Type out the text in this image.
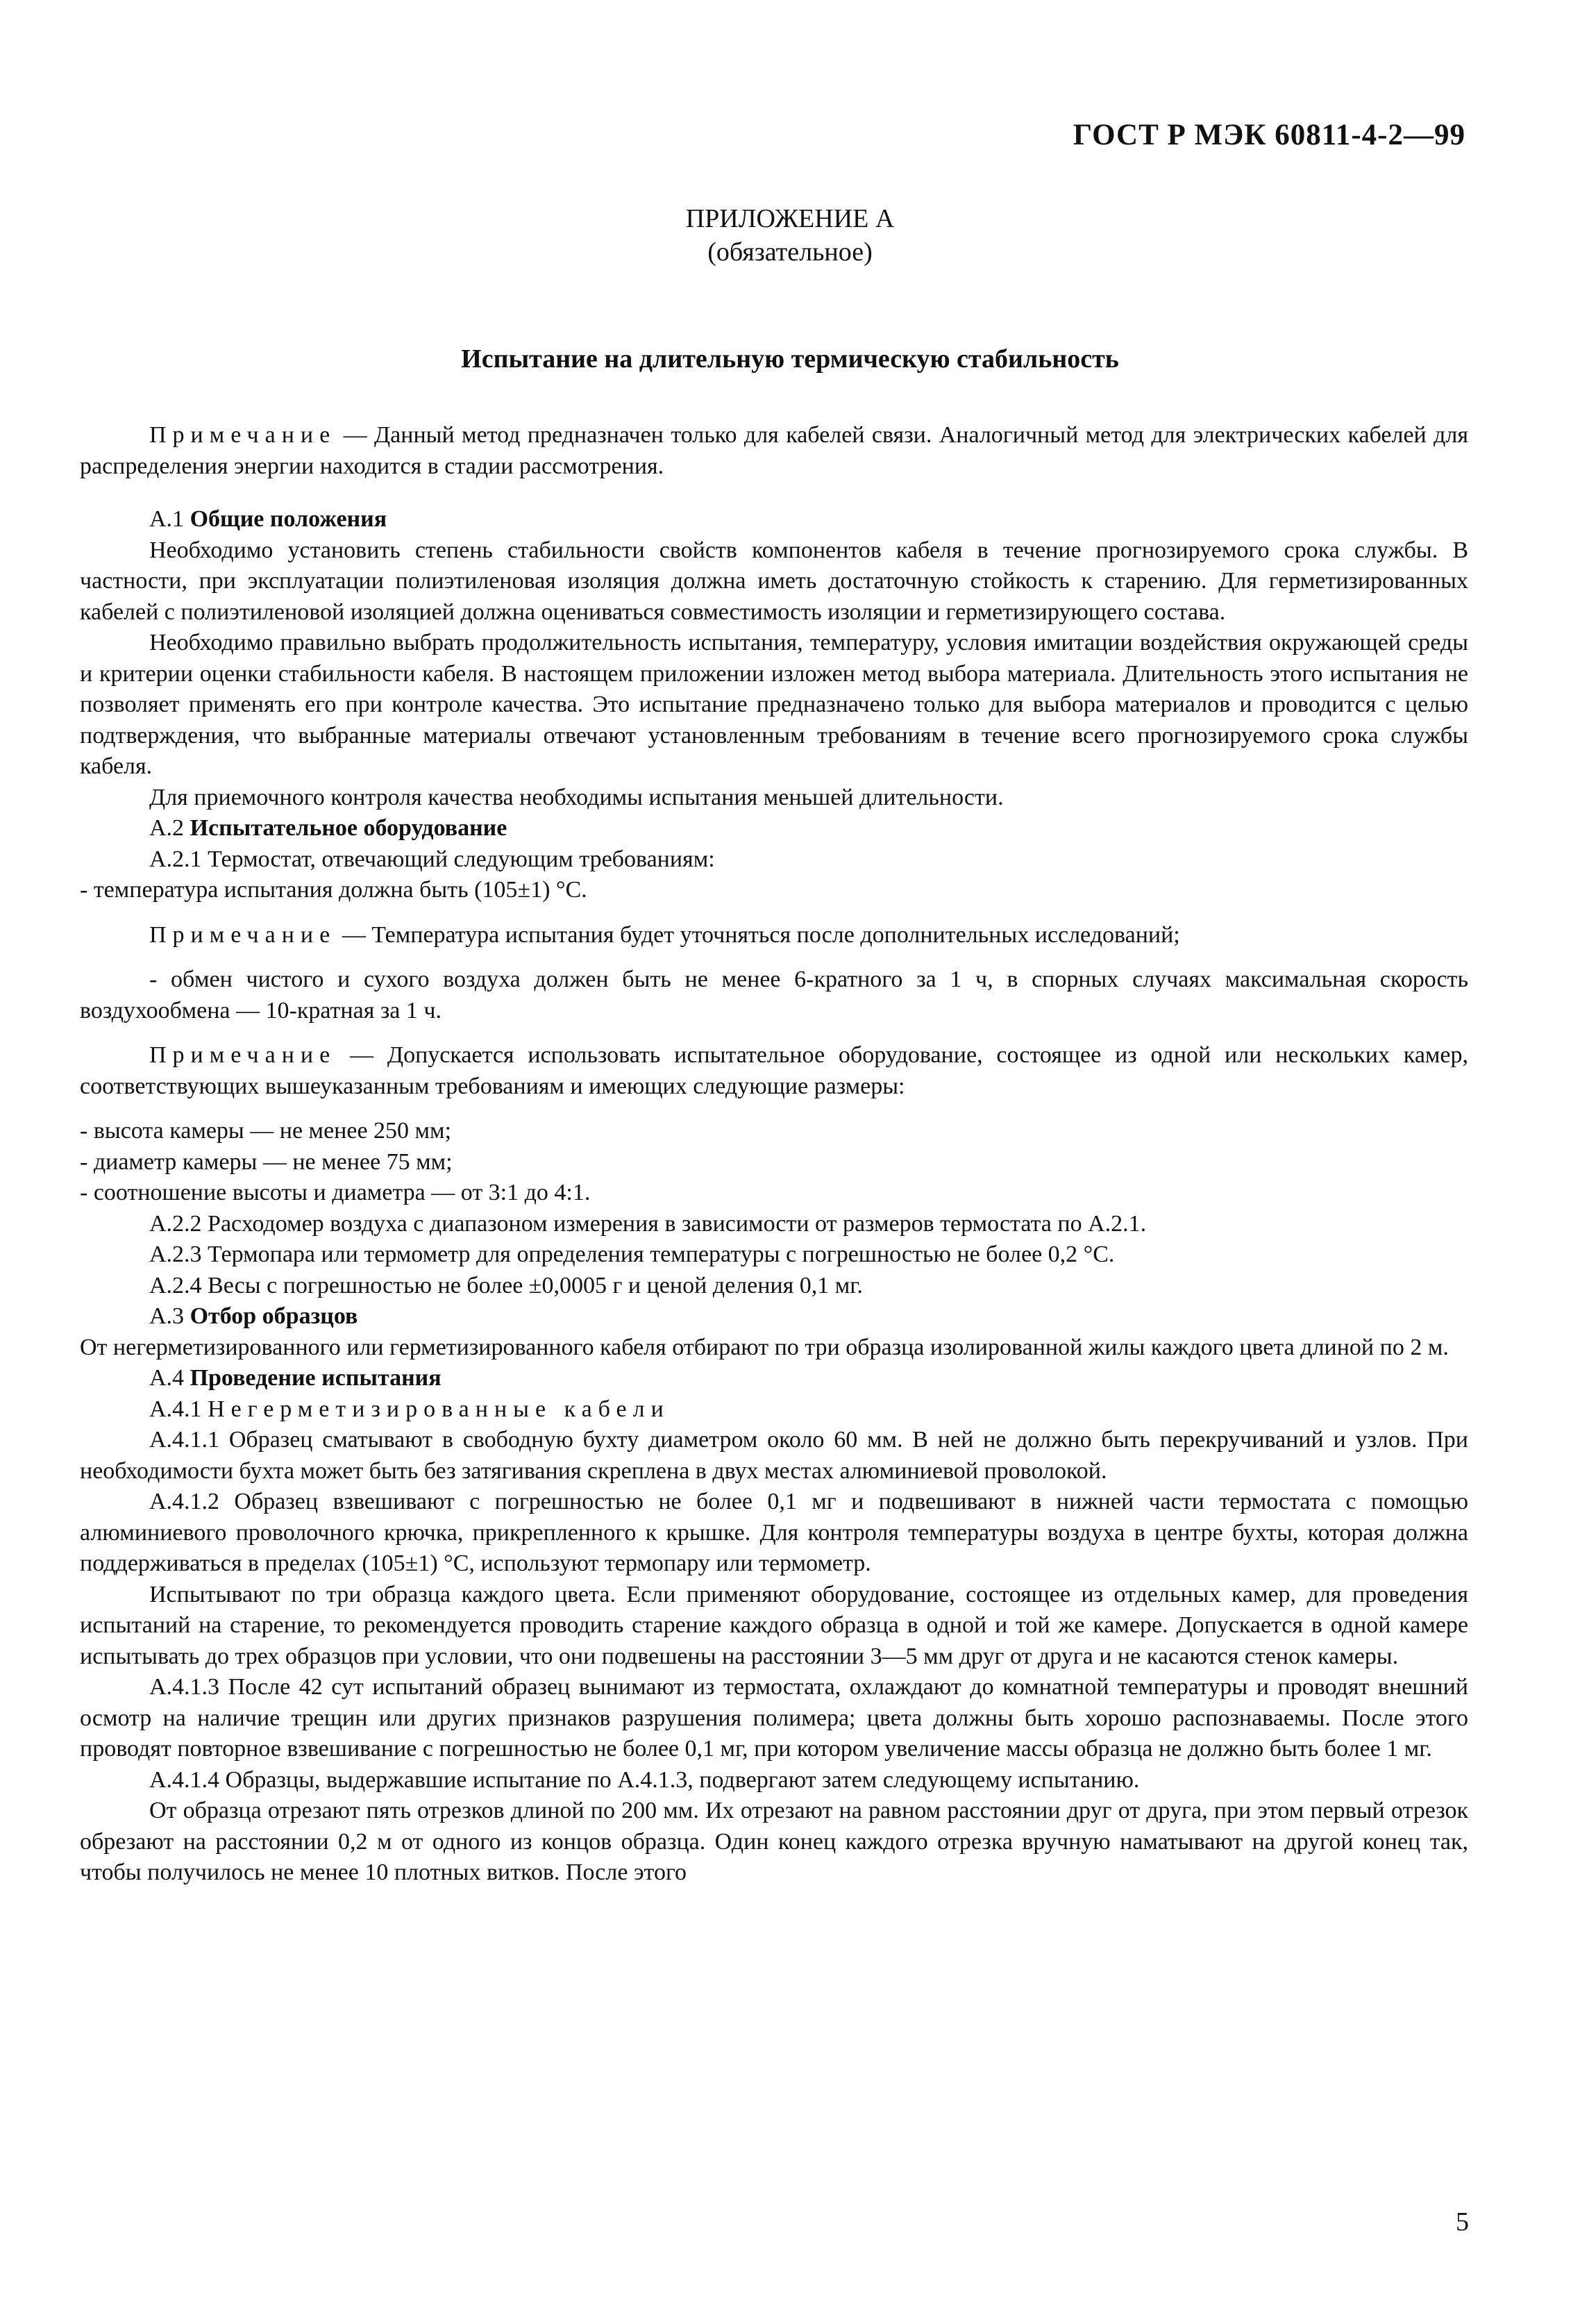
ГОСТ Р МЭК 60811-4-2—99
ПРИЛОЖЕНИЕ А
(обязательное)
Испытание на длительную термическую стабильность

Примечание — Данный метод предназначен только для кабелей связи. Аналогичный метод для электрических кабелей для распределения энергии находится в стадии рассмотрения.

А.1 Общие положения

Необходимо установить степень стабильности свойств компонентов кабеля в течение прогнозируемого срока службы. В частности, при эксплуатации полиэтиленовая изоляция должна иметь достаточную стойкость к старению. Для герметизированных кабелей с полиэтиленовой изоляцией должна оцениваться совместимость изоляции и герметизирующего состава.

Необходимо правильно выбрать продолжительность испытания, температуру, условия имитации воздействия окружающей среды и критерии оценки стабильности кабеля. В настоящем приложении изложен метод выбора материала. Длительность этого испытания не позволяет применять его при контроле качества. Это испытание предназначено только для выбора материалов и проводится с целью подтверждения, что выбранные материалы отвечают установленным требованиям в течение всего прогнозируемого срока службы кабеля.

Для приемочного контроля качества необходимы испытания меньшей длительности.

А.2 Испытательное оборудование

А.2.1 Термостат, отвечающий следующим требованиям:

- температура испытания должна быть (105±1) °С.

Примечание — Температура испытания будет уточняться после дополнительных исследований;

- обмен чистого и сухого воздуха должен быть не менее 6-кратного за 1 ч, в спорных случаях максимальная скорость воздухообмена — 10-кратная за 1 ч.

Примечание — Допускается использовать испытательное оборудование, состоящее из одной или нескольких камер, соответствующих вышеуказанным требованиям и имеющих следующие размеры:

- высота камеры — не менее 250 мм;

- диаметр камеры — не менее 75 мм;

- соотношение высоты и диаметра — от 3:1 до 4:1.

А.2.2 Расходомер воздуха с диапазоном измерения в зависимости от размеров термостата по А.2.1.

А.2.3 Термопара или термометр для определения температуры с погрешностью не более 0,2 °С.

А.2.4 Весы с погрешностью не более ±0,0005 г и ценой деления 0,1 мг.

А.3 Отбор образцов

От негерметизированного или герметизированного кабеля отбирают по три образца изолированной жилы каждого цвета длиной по 2 м.

А.4 Проведение испытания

А.4.1 Негерметизированные кабели

А.4.1.1 Образец сматывают в свободную бухту диаметром около 60 мм. В ней не должно быть перекручиваний и узлов. При необходимости бухта может быть без затягивания скреплена в двух местах алюминиевой проволокой.

А.4.1.2 Образец взвешивают с погрешностью не более 0,1 мг и подвешивают в нижней части термостата с помощью алюминиевого проволочного крючка, прикрепленного к крышке. Для контроля температуры воздуха в центре бухты, которая должна поддерживаться в пределах (105±1) °С, используют термопару или термометр.

Испытывают по три образца каждого цвета. Если применяют оборудование, состоящее из отдельных камер, для проведения испытаний на старение, то рекомендуется проводить старение каждого образца в одной и той же камере. Допускается в одной камере испытывать до трех образцов при условии, что они подвешены на расстоянии 3—5 мм друг от друга и не касаются стенок камеры.

А.4.1.3 После 42 сут испытаний образец вынимают из термостата, охлаждают до комнатной температуры и проводят внешний осмотр на наличие трещин или других признаков разрушения полимера; цвета должны быть хорошо распознаваемы. После этого проводят повторное взвешивание с погрешностью не более 0,1 мг, при котором увеличение массы образца не должно быть более 1 мг.

А.4.1.4 Образцы, выдержавшие испытание по А.4.1.3, подвергают затем следующему испытанию.

От образца отрезают пять отрезков длиной по 200 мм. Их отрезают на равном расстоянии друг от друга, при этом первый отрезок обрезают на расстоянии 0,2 м от одного из концов образца. Один конец каждого отрезка вручную наматывают на другой конец так, чтобы получилось не менее 10 плотных витков. После этого

5
